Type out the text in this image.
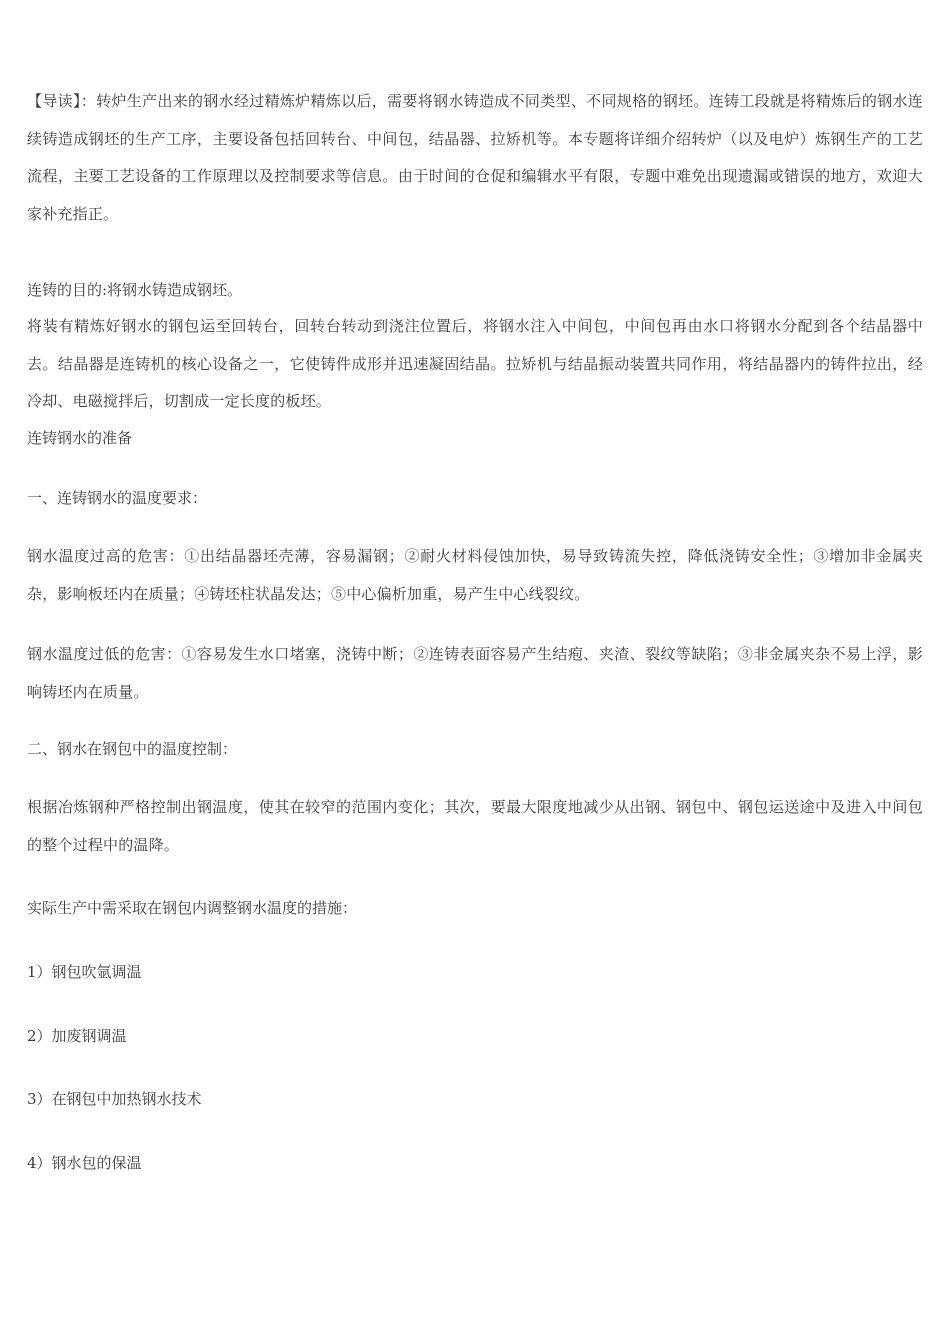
【导读】：转炉生产出来的钢水经过精炼炉精炼以后，需要将钢水铸造成不同类型、不同规格的钢坯。连铸工段就是将精炼后的钢水连续铸造成钢坯的生产工序，主要设备包括回转台、中间包，结晶器、拉矫机等。本专题将详细介绍转炉（以及电炉）炼钢生产的工艺流程，主要工艺设备的工作原理以及控制要求等信息。由于时间的仓促和编辑水平有限，专题中难免出现遗漏或错误的地方，欢迎大家补充指正。
连铸的目的:将钢水铸造成钢坯。
将装有精炼好钢水的钢包运至回转台，回转台转动到浇注位置后，将钢水注入中间包，中间包再由水口将钢水分配到各个结晶器中去。结晶器是连铸机的核心设备之一，它使铸件成形并迅速凝固结晶。拉矫机与结晶振动装置共同作用，将结晶器内的铸件拉出，经冷却、电磁搅拌后，切割成一定长度的板坯。
连铸钢水的准备
一、连铸钢水的温度要求：
钢水温度过高的危害：①出结晶器坯壳薄，容易漏钢；②耐火材料侵蚀加快，易导致铸流失控，降低浇铸安全性；③增加非金属夹杂，影响板坯内在质量；④铸坯柱状晶发达；⑤中心偏析加重，易产生中心线裂纹。
钢水温度过低的危害：①容易发生水口堵塞，浇铸中断；②连铸表面容易产生结疱、夹渣、裂纹等缺陷；③非金属夹杂不易上浮，影响铸坯内在质量。
二、钢水在钢包中的温度控制：
根据冶炼钢种严格控制出钢温度，使其在较窄的范围内变化；其次，要最大限度地减少从出钢、钢包中、钢包运送途中及进入中间包的整个过程中的温降。
实际生产中需采取在钢包内调整钢水温度的措施：
1）钢包吹氩调温
2）加废钢调温
3）在钢包中加热钢水技术
4）钢水包的保温
